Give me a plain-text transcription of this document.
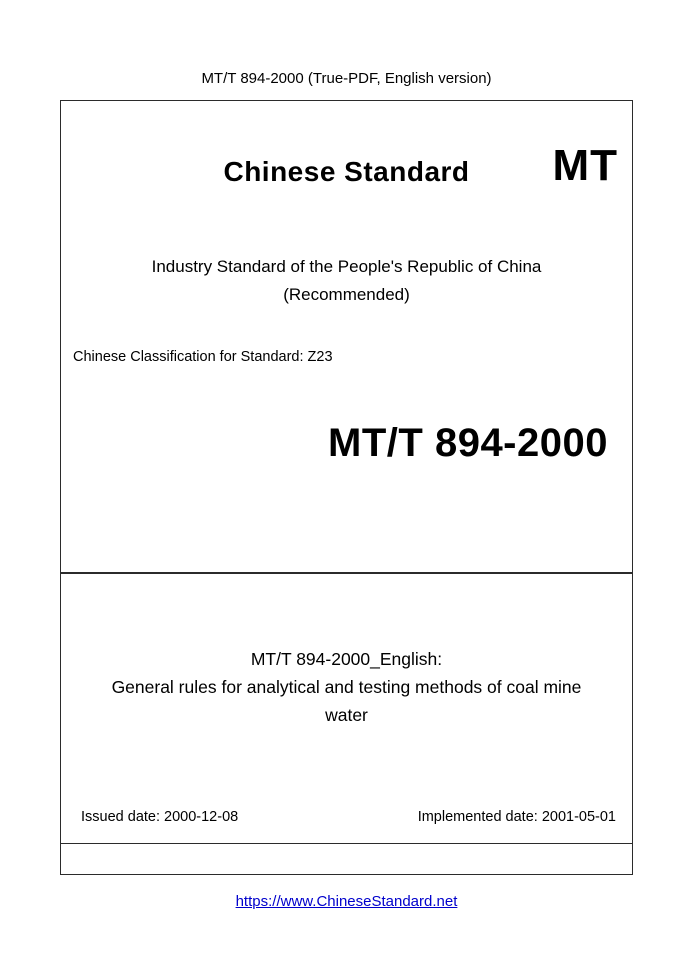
MT/T 894-2000 (True-PDF, English version)
Chinese Standard	MT
Industry Standard of the People's Republic of China
(Recommended)
Chinese Classification for Standard: Z23
MT/T 894-2000
MT/T 894-2000_English:
General rules for analytical and testing methods of coal mine water
Issued date: 2000-12-08	Implemented date: 2001-05-01
https://www.ChineseStandard.net
